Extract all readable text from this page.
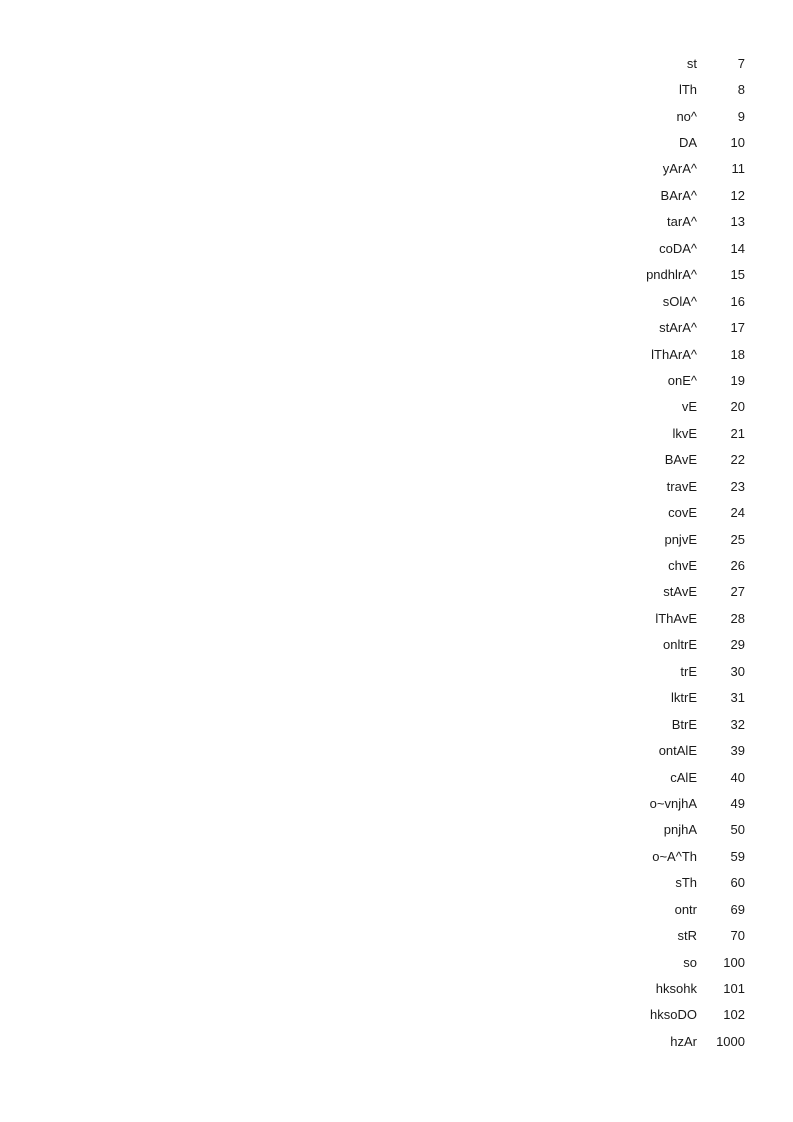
st	7
lTh	8
no^	9
DA	10
yArA^	11
BArA^	12
tarA^	13
coDA^	14
pndhlrA^	15
sOlA^	16
stArA^	17
lThArA^	18
onE^	19
vE	20
lkvE	21
BAvE	22
travE	23
covE	24
pnjvE	25
chvE	26
stAvE	27
lThAvE	28
onltrE	29
trE	30
lktrE	31
BtrE	32
ontAlE	39
cAlE	40
o~vnjhA	49
pnjhA	50
o~A^Th	59
sTh	60
ontr	69
stR	70
so	100
hksohk	101
hksoDO	102
hzAr	1000
